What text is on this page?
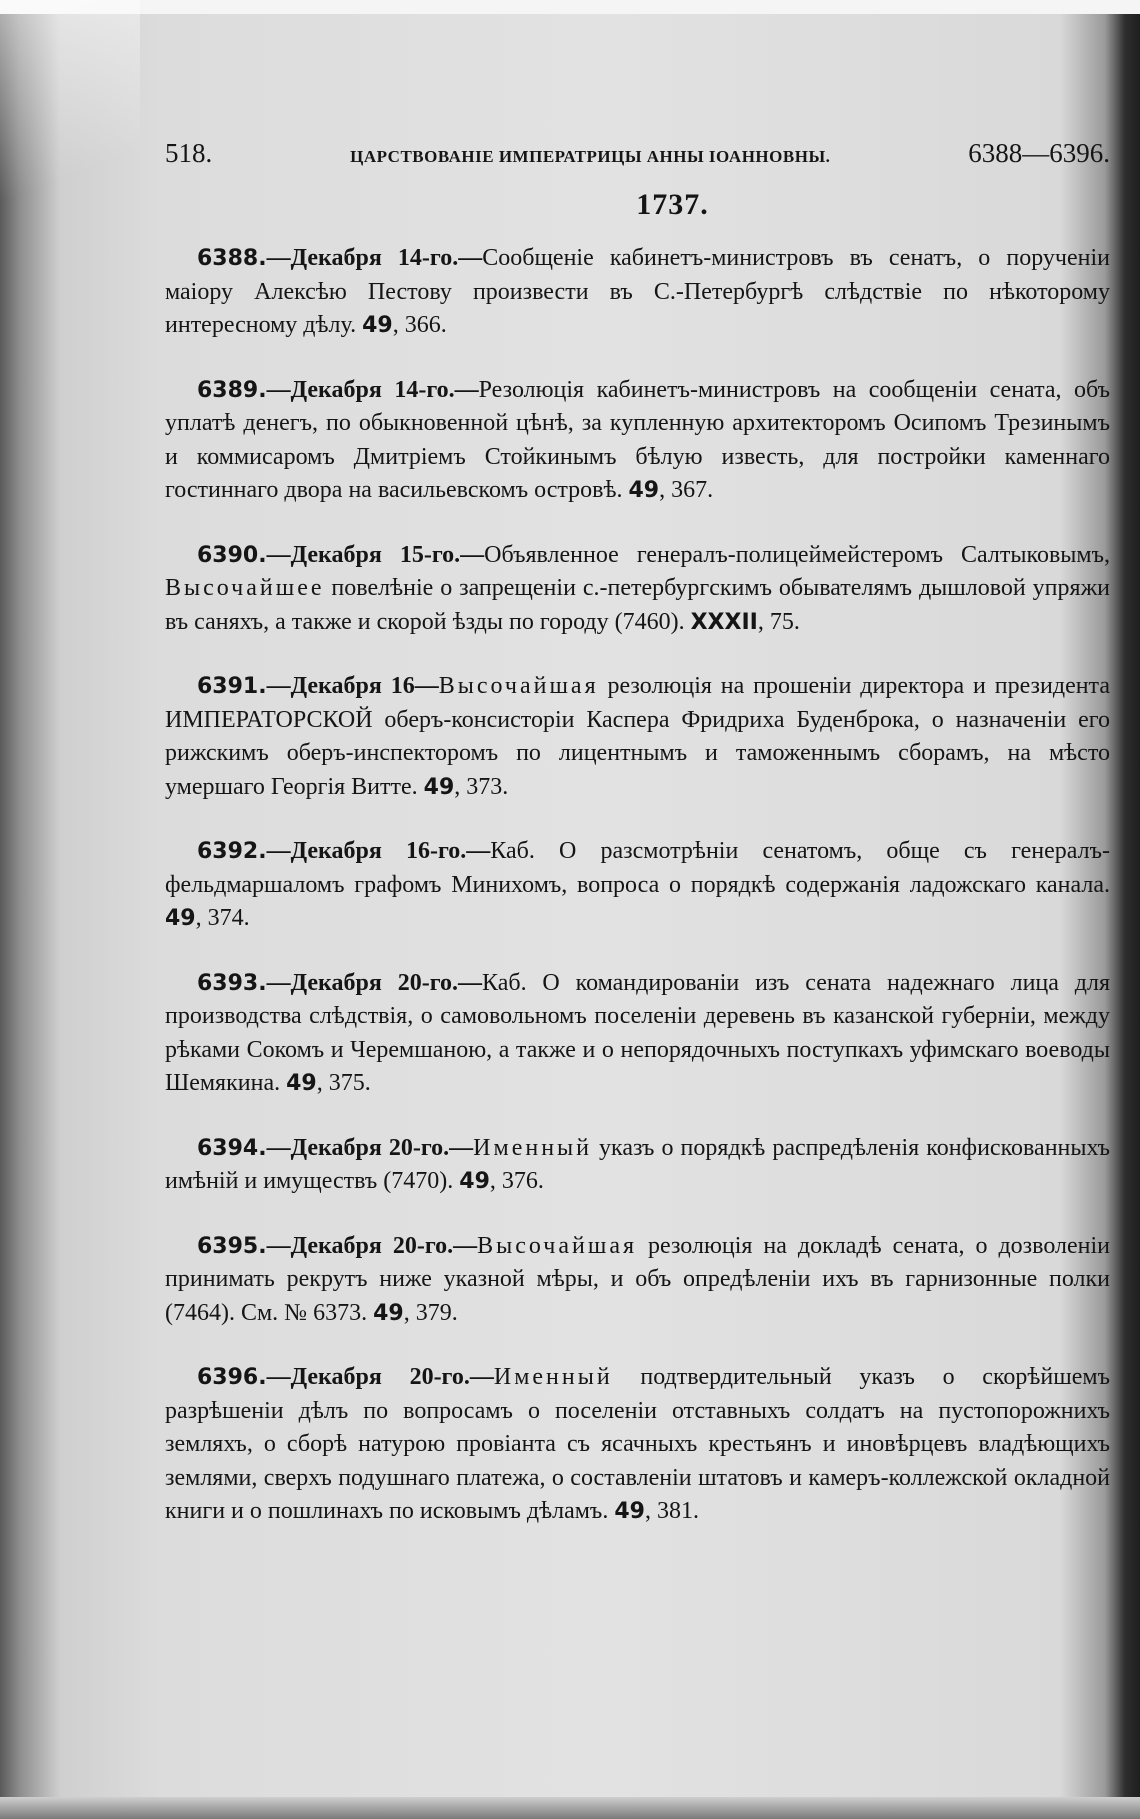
518.	ЦАРСТВОВАНІЕ ИМПЕРАТРИЦЫ АННЫ ІОАННОВНЫ.	6388—6396.
1737.

6388.—Декабря 14-го.—Сообщеніе кабинетъ-министровъ въ сенатъ, о порученіи маіору Алексѣю Пестову произвести въ С.-Петербургѣ слѣдствіе по нѣкоторому интересному дѣлу. 49, 366.

6389.—Декабря 14-го.—Резолюція кабинетъ-министровъ на сообщеніи сената, объ уплатѣ денегъ, по обыкновенной цѣнѣ, за купленную архитекторомъ Осипомъ Трезинымъ и коммисаромъ Дмитріемъ Стойкинымъ бѣлую известь, для постройки каменнаго гостиннаго двора на васильевскомъ островѣ. 49, 367.

6390.—Декабря 15-го.—Объявленное генералъ-полицеймейстеромъ Салтыковымъ, Высочайшее повелѣніе о запрещеніи с.-петербургскимъ обывателямъ дышловой упряжи въ саняхъ, а также и скорой ѣзды по городу (7460). XXXII, 75.

6391.—Декабря 16—Высочайшая резолюція на прошеніи директора и президента ИМПЕРАТОРСКОЙ оберъ-консисторіи Каспера Фридриха Буденброка, о назначеніи его рижскимъ оберъ-инспекторомъ по лицентнымъ и таможеннымъ сборамъ, на мѣсто умершаго Георгія Витте. 49, 373.

6392.—Декабря 16-го.—Каб. О разсмотрѣніи сенатомъ, обще съ генералъ-фельдмаршаломъ графомъ Минихомъ, вопроса о порядкѣ содержанія ладожскаго канала. 49, 374.

6393.—Декабря 20-го.—Каб. О командированіи изъ сената надежнаго лица для производства слѣдствія, о самовольномъ поселеніи деревень въ казанской губерніи, между рѣками Сокомъ и Черемшаною, а также и о непорядочныхъ поступкахъ уфимскаго воеводы Шемякина. 49, 375.

6394.—Декабря 20-го.—Именный указъ о порядкѣ распредѣленія конфискованныхъ имѣній и имуществъ (7470). 49, 376.

6395.—Декабря 20-го.—Высочайшая резолюція на докладѣ сената, о дозволеніи принимать рекрутъ ниже указной мѣры, и объ опредѣленіи ихъ въ гарнизонные полки (7464). См. № 6373. 49, 379.

6396.—Декабря 20-го.—Именный подтвердительный указъ о скорѣйшемъ разрѣшеніи дѣлъ по вопросамъ о поселеніи отставныхъ солдатъ на пустопорожнихъ земляхъ, о сборѣ натурою провіанта съ ясачныхъ крестьянъ и иновѣрцевъ владѣющихъ землями, сверхъ подушнаго платежа, о составленіи штатовъ и камеръ-коллежской окладной книги и о пошлинахъ по исковымъ дѣламъ. 49, 381.
